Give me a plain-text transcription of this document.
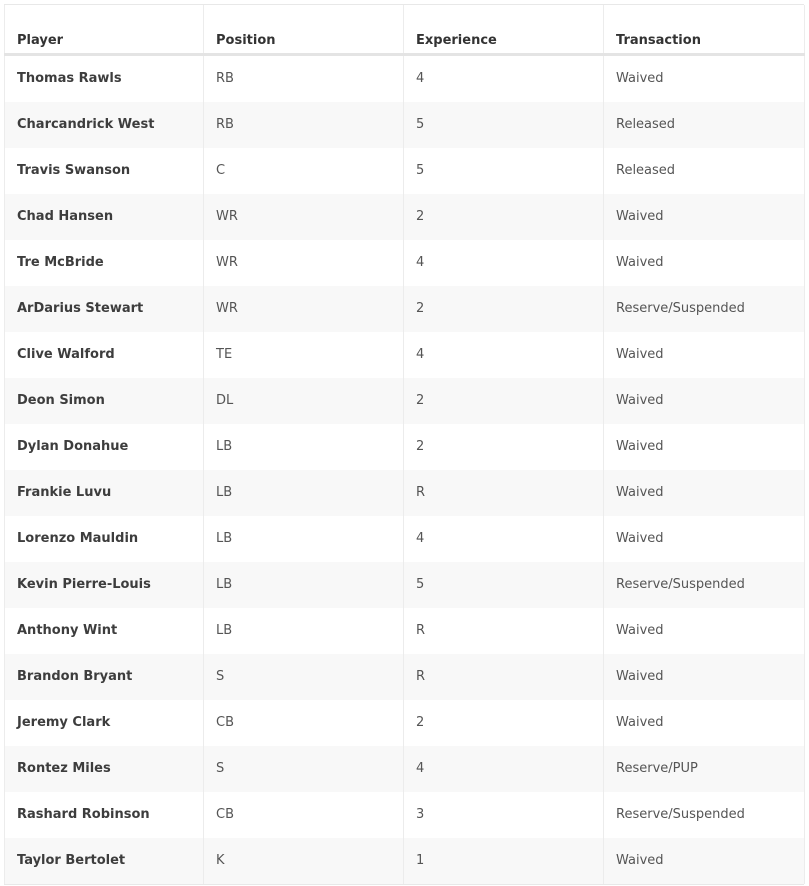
Player	Position	Experience	Transaction
Thomas Rawls	RB	4	Waived
Charcandrick West	RB	5	Released
Travis Swanson	C	5	Released
Chad Hansen	WR	2	Waived
Tre McBride	WR	4	Waived
ArDarius Stewart	WR	2	Reserve/Suspended
Clive Walford	TE	4	Waived
Deon Simon	DL	2	Waived
Dylan Donahue	LB	2	Waived
Frankie Luvu	LB	R	Waived
Lorenzo Mauldin	LB	4	Waived
Kevin Pierre-Louis	LB	5	Reserve/Suspended
Anthony Wint	LB	R	Waived
Brandon Bryant	S	R	Waived
Jeremy Clark	CB	2	Waived
Rontez Miles	S	4	Reserve/PUP
Rashard Robinson	CB	3	Reserve/Suspended
Taylor Bertolet	K	1	Waived
